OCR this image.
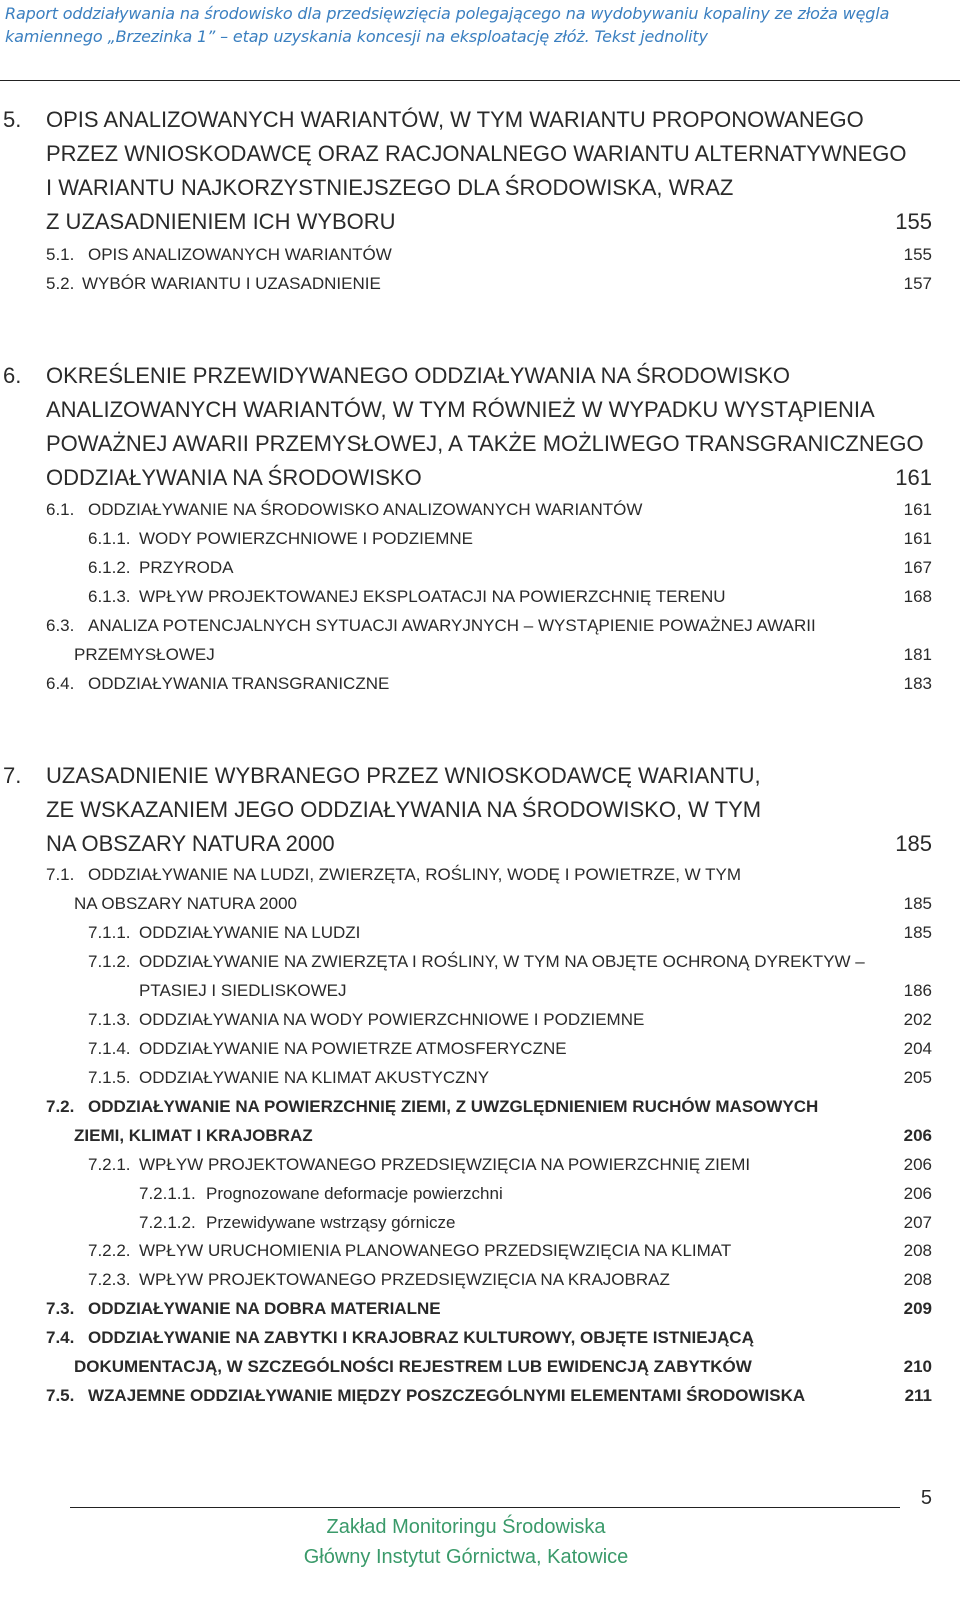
Raport oddziaływania na środowisko dla przedsięwzięcia polegającego na wydobywaniu kopaliny ze złoża węgla
kamiennego „Brzezinka 1” – etap uzyskania koncesji na eksploatację złóż. Tekst jednolity
5. OPIS ANALIZOWANYCH WARIANTÓW, W TYM WARIANTU PROPONOWANEGO
PRZEZ WNIOSKODAWCĘ ORAZ RACJONALNEGO WARIANTU ALTERNATYWNEGO
I WARIANTU NAJKORZYSTNIEJSZEGO DLA ŚRODOWISKA, WRAZ
Z UZASADNIENIEM ICH WYBORU	155
5.1. OPIS ANALIZOWANYCH WARIANTÓW	155
5.2. WYBÓR WARIANTU I UZASADNIENIE	157
6. OKREŚLENIE PRZEWIDYWANEGO ODDZIAŁYWANIA NA ŚRODOWISKO
ANALIZOWANYCH WARIANTÓW, W TYM RÓWNIEŻ W WYPADKU WYSTĄPIENIA
POWAŻNEJ AWARII PRZEMYSŁOWEJ, A TAKŻE MOŻLIWEGO TRANSGRANICZNEGO
ODDZIAŁYWANIA NA ŚRODOWISKO	161
6.1. ODDZIAŁYWANIE NA ŚRODOWISKO ANALIZOWANYCH WARIANTÓW	161
6.1.1. WODY POWIERZCHNIOWE I PODZIEMNE	161
6.1.2. PRZYRODA	167
6.1.3. WPŁYW PROJEKTOWANEJ EKSPLOATACJI NA POWIERZCHNIĘ TERENU	168
6.3. ANALIZA POTENCJALNYCH SYTUACJI AWARYJNYCH – WYSTĄPIENIE POWAŻNEJ AWARII
PRZEMYSŁOWEJ	181
6.4. ODDZIAŁYWANIA TRANSGRANICZNE	183
7. UZASADNIENIE WYBRANEGO PRZEZ WNIOSKODAWCĘ WARIANTU,
ZE WSKAZANIEM JEGO ODDZIAŁYWANIA NA ŚRODOWISKO, W TYM
NA OBSZARY NATURA 2000	185
7.1. ODDZIAŁYWANIE NA LUDZI, ZWIERZĘTA, ROŚLINY, WODĘ I POWIETRZE, W TYM
NA OBSZARY NATURA 2000	185
7.1.1. ODDZIAŁYWANIE NA LUDZI	185
7.1.2. ODDZIAŁYWANIE NA ZWIERZĘTA I ROŚLINY, W TYM NA OBJĘTE OCHRONĄ DYREKTYW –
PTASIEJ I SIEDLISKOWEJ	186
7.1.3. ODDZIAŁYWANIA NA WODY POWIERZCHNIOWE I PODZIEMNE	202
7.1.4. ODDZIAŁYWANIE NA POWIETRZE ATMOSFERYCZNE	204
7.1.5. ODDZIAŁYWANIE NA KLIMAT AKUSTYCZNY	205
7.2. ODDZIAŁYWANIE NA POWIERZCHNIĘ ZIEMI, Z UWZGLĘDNIENIEM RUCHÓW MASOWYCH
ZIEMI, KLIMAT I KRAJOBRAZ	206
7.2.1. WPŁYW PROJEKTOWANEGO PRZEDSIĘWZIĘCIA NA POWIERZCHNIĘ ZIEMI	206
7.2.1.1. Prognozowane deformacje powierzchni	206
7.2.1.2. Przewidywane wstrząsy górnicze	207
7.2.2. WPŁYW URUCHOMIENIA PLANOWANEGO PRZEDSIĘWZIĘCIA NA KLIMAT	208
7.2.3. WPŁYW PROJEKTOWANEGO PRZEDSIĘWZIĘCIA NA KRAJOBRAZ	208
7.3. ODDZIAŁYWANIE NA DOBRA MATERIALNE	209
7.4. ODDZIAŁYWANIE NA ZABYTKI I KRAJOBRAZ KULTUROWY, OBJĘTE ISTNIEJĄCĄ
DOKUMENTACJĄ, W SZCZEGÓLNOŚCI REJESTREM LUB EWIDENCJĄ ZABYTKÓW	210
7.5. WZAJEMNE ODDZIAŁYWANIE MIĘDZY POSZCZEGÓLNYMI ELEMENTAMI ŚRODOWISKA	211
5
Zakład Monitoringu Środowiska
Główny Instytut Górnictwa, Katowice
